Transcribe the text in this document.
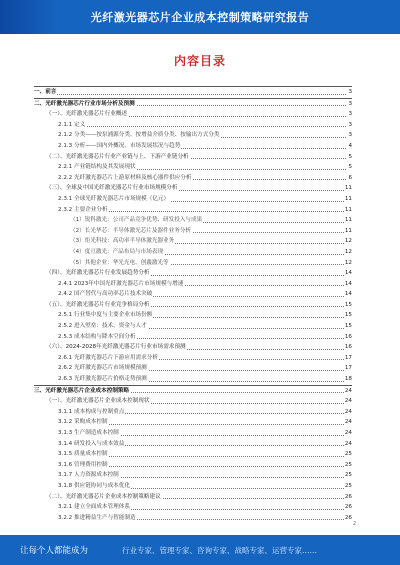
光纤激光器芯片企业成本控制策略研究报告
内容目录
一、前言	3
二、光纤激光器芯片行业市场分析及预测	3
（一）、光纤激光器芯片行业概述	3
2.1.1 定义	3
2.1.2 分类——按泵浦源分类、按增益介质分类、按输出方式分类	3
2.1.3 分析——国内外概况、市场发展状况与趋势	4
（二）、光纤激光器芯片行业产业链与上、下游产业链分析	5
2.2.1 产业链结构及其发展现状	5
2.2.2 光纤激光器芯片上游原材料及核心器件供应分析	6
（三）、全球及中国光纤激光器芯片行业市场规模分析	11
2.3.1 全球光纤激光器芯片市场规模（亿元）	11
2.3.2 主要企业分析	11
（1）锐科激光：公司产品竞争优势、研发投入与成果	11
（2）长光华芯：半导体激光芯片及器件业务分析	11
（3）炬光科技：高功率半导体激光器业务	12
（4）度亘激光：产品布局与市场表现	12
（5）其他企业：华光光电、创鑫激光等	12
（四）、光纤激光器芯片行业发展趋势分析	14
2.4.1 2023年中国光纤激光器芯片市场规模与增速	14
2.4.2 国产替代与高功率芯片技术突破	14
（五）、光纤激光器芯片行业竞争格局分析	15
2.5.1 行业集中度与主要企业市场份额	15
2.5.2 进入壁垒：技术、资金与人才	15
2.5.3 成本结构与降本空间分析	16
（六）、2024-2028年光纤激光器芯片行业市场需求预测	16
2.6.1 光纤激光器芯片下游应用需求分析	17
2.6.2 光纤激光器芯片市场规模预测	17
2.6.3 光纤激光器芯片价格走势预测	18
三、光纤激光器芯片企业成本控制策略	24
（一）、光纤激光器芯片企业成本控制现状	24
3.1.1 成本构成与控制重点	24
3.1.2 采购成本控制	24
3.1.3 生产制造成本控制	24
3.1.4 研发投入与成本效益	24
3.1.5 质量成本控制	25
3.1.6 管理费用控制	25
3.1.7 人力资源成本控制	25
3.1.8 供应链协同与成本优化	25
（二）、光纤激光器芯片企业成本控制策略建议	26
3.2.1 建立全面成本管理体系	26
3.2.2 推进精益生产与智能制造	26
2
让每个人都能成为	行业专家、管理专家、咨询专家、战略专家、运营专家……
